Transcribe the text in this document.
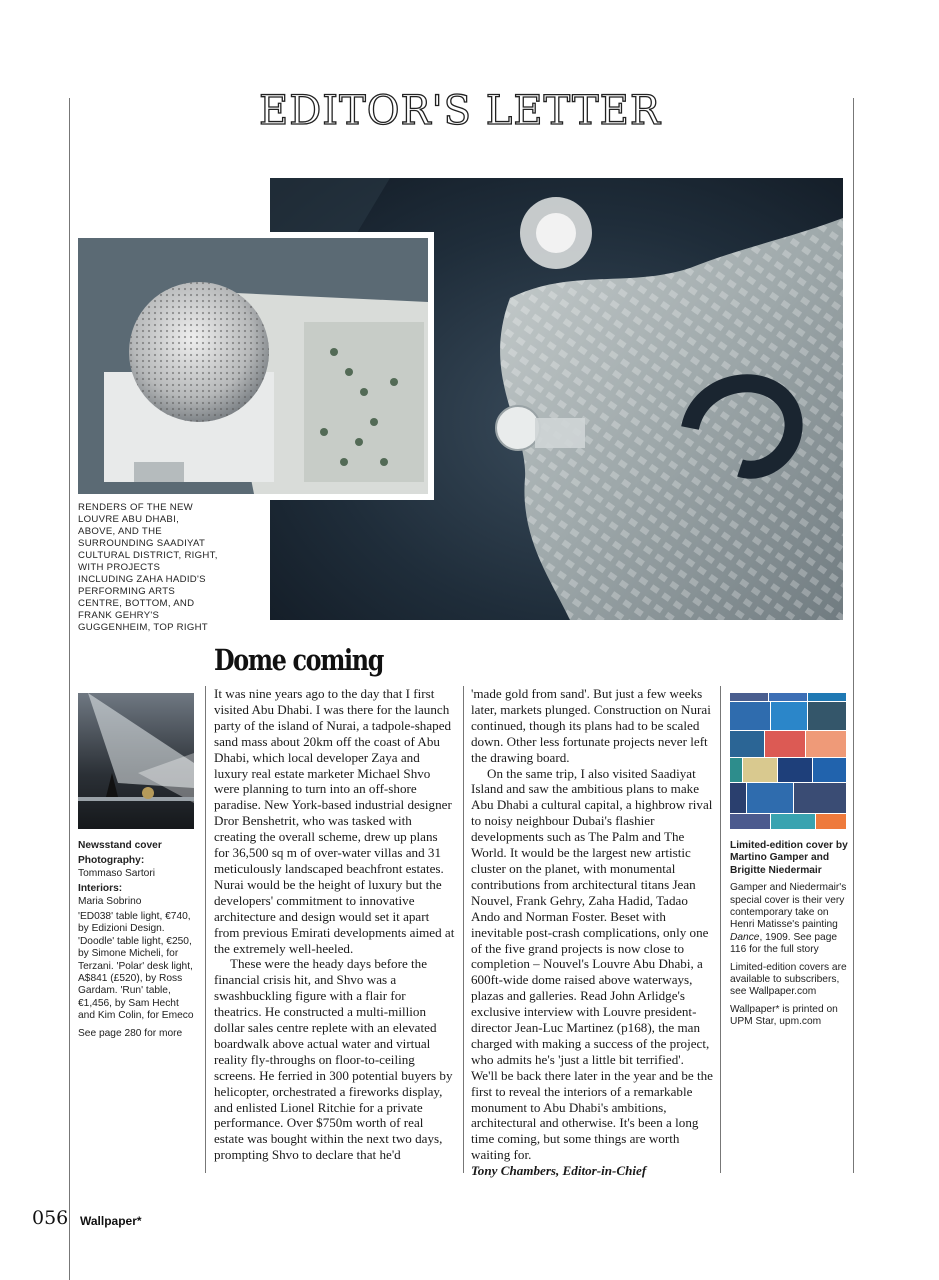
EDITOR'S LETTER
RENDERS OF THE NEW LOUVRE ABU DHABI, ABOVE, AND THE SURROUNDING SAADIYAT CULTURAL DISTRICT, RIGHT, WITH PROJECTS INCLUDING ZAHA HADID'S PERFORMING ARTS CENTRE, BOTTOM, AND FRANK GEHRY'S GUGGENHEIM, TOP RIGHT
Dome coming

It was nine years ago to the day that I first visited Abu Dhabi. I was there for the launch party of the island of Nurai, a tadpole-shaped sand mass about 20km off the coast of Abu Dhabi, which local developer Zaya and luxury real estate marketer Michael Shvo were planning to turn into an off-shore paradise. New York-based industrial designer Dror Benshetrit, who was tasked with creating the overall scheme, drew up plans for 36,500 sq m of over-water villas and 31 meticulously landscaped beachfront estates. Nurai would be the height of luxury but the developers' commitment to innovative architecture and design would set it apart from previous Emirati developments aimed at the extremely well-heeled.

These were the heady days before the financial crisis hit, and Shvo was a swashbuckling figure with a flair for theatrics. He constructed a multi-million dollar sales centre replete with an elevated boardwalk above actual water and virtual reality fly-throughs on floor-to-ceiling screens. He ferried in 300 potential buyers by helicopter, orchestrated a fireworks display, and enlisted Lionel Ritchie for a private performance. Over $750m worth of real estate was bought within the next two days, prompting Shvo to declare that he'd

'made gold from sand'. But just a few weeks later, markets plunged. Construction on Nurai continued, though its plans had to be scaled down. Other less fortunate projects never left the drawing board.

On the same trip, I also visited Saadiyat Island and saw the ambitious plans to make Abu Dhabi a cultural capital, a highbrow rival to noisy neighbour Dubai's flashier developments such as The Palm and The World. It would be the largest new artistic cluster on the planet, with monumental contributions from architectural titans Jean Nouvel, Frank Gehry, Zaha Hadid, Tadao Ando and Norman Foster. Beset with inevitable post-crash complications, only one of the five grand projects is now close to completion – Nouvel's Louvre Abu Dhabi, a 600ft-wide dome raised above waterways, plazas and galleries. Read John Arlidge's exclusive interview with Louvre president-director Jean-Luc Martinez (p168), the man charged with making a success of the project, who admits he's 'just a little bit terrified'. We'll be back there later in the year and be the first to reveal the interiors of a remarkable monument to Abu Dhabi's ambitions, architectural and otherwise. It's been a long time coming, but some things are worth waiting for.

Tony Chambers, Editor-in-Chief

Newsstand cover

Photography:

Tommaso Sartori

Interiors:

Maria Sobrino

'ED038' table light, €740, by Edizioni Design. 'Doodle' table light, €250, by Simone Micheli, for Terzani. 'Polar' desk light, A$841 (£520), by Ross Gardam. 'Run' table, €1,456, by Sam Hecht and Kim Colin, for Emeco

See page 280 for more

Limited-edition cover by Martino Gamper and Brigitte Niedermair

Gamper and Niedermair's special cover is their very contemporary take on Henri Matisse's painting Dance, 1909. See page 116 for the full story

Limited-edition covers are available to subscribers, see Wallpaper.com

Wallpaper* is printed on UPM Star, upm.com

056 Wallpaper*
